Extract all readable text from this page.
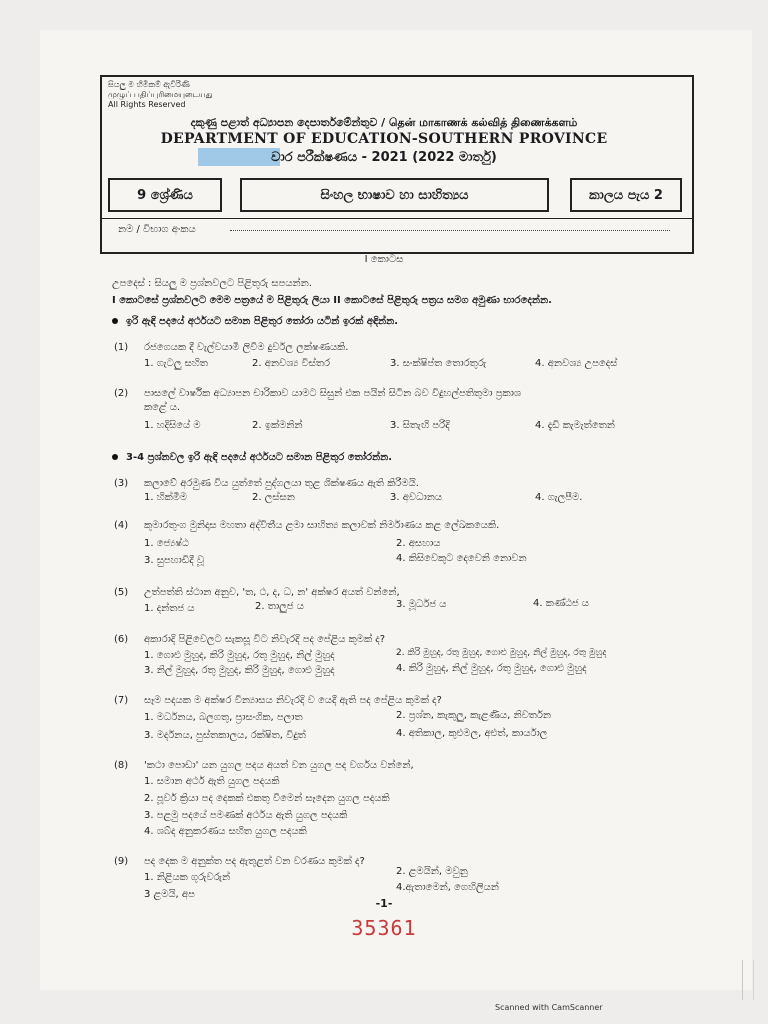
සියලු ම හිමිකම් ඇවිරිණි
முழுப் பதிப்புரிமையுடையது
All Rights Reserved
දකුණු පළාත් අධ්‍යාපන දෙපාර්තමේන්තුව / தென் மாகாணக் கல்வித் திணைக்களம்
DEPARTMENT OF EDUCATION-SOUTHERN PROVINCE
වාර පරීක්ෂණය - 2021 (2022 මාර්තු)
9 ශ්‍රේණිය	සිංහල භාෂාව හා සාහිත්‍යය	කාලය පැය 2
නම / විභාග අංකය
I කොටස
උපදෙස් : සියලු ම ප්‍රශ්නවලට පිළිතුරු සපයන්න.
I කොටසේ ප්‍රශ්නවලට මෙම පත්‍රයේ ම පිළිතුරු ලියා II කොටසේ පිළිතුරු පත්‍රය සමග අමුණා භාරදෙන්න.
ඉරි ඇඳි පදයේ අර්ථයට සමාන පිළිතුර තෝරා යටින් ඉරක් අඳින්න.
(1) රජගෙයක දී වැල්වයාමී ලිවීම දුර්වල ලක්ෂණයකි.
1. ගැටලු සහිත	2. අනවශ්‍ය විස්තර	3. සංක්ෂිප්ත තොරතුරු	4. අනවශ්‍ය උපදෙස්
(2) පාසලේ වාර්ෂික අධ්‍යාපන චාරිකාව යාමට සිසුන් එක පයින් සිටින බව විදුහල්පතිතුමා ප්‍රකාශ
කළේ ය.
1. හදිසියේ ම	2. ඉක්මනින්	3. සිතැඟි පරිදි	4. දැඩි කැමැත්තෙන්
3-4 ප්‍රශ්නවල ඉරි ඇඳි පදයේ අර්ථයට සමාන පිළිතුර තෝරන්න.
(3) කලාවේ අරමුණ විය යුත්තේ පුද්ගලයා තුළ ශික්ෂණය ඇති කිරීමයි.
1. හික්මීම	2. ලස්සන	3. අවධානය	4. ගැලපීම.
(4) කුමාරතුංග මුනිදාස මහතා අද්විතීය ළමා සාහිත්‍ය කලාවක් නිර්මාණය කළ ලේඛකයෙකි.
1. ජ්‍යෙෂ්ඨ	2. අසහාය
3. සුපහාඩිදී වූ	4. කිසිවෙකුට දෙවෙනි නොවන
(5) උත්පත්ති ස්ථාන අනුව, 'ත, ථ, ද, ධ, න' අක්ෂර අයත් වන්නේ,
1. දන්තජ ය	2. තාලුජ ය	3. මූර්ධජ ය	4. කණ්ඨජ ය
(6) අකාරාදි පිළිවෙලට සැකසූ විට නිවැරදි පද පේළිය කුමක් ද?
1. ගොළු මුහුද, කිරි මුහුද, රතු මුහුද, නිල් මුහුද	2. කිරි මුහුද, රතු මුහුද, ගොළු මුහුද, නිල් මුහුද, රතු මුහුද
3. නිල් මුහුද, රතු මුහුද, කිරි මුහුද, ගොළු මුහුද	4. කිරි මුහුද, නිල් මුහුද, රතු මුහුද, ගොළු මුහුද
(7) සෑම පදයක ම අක්ෂර වින්‍යාසය නිවැරදි ව යෙදී ඇති පද පේළිය කුමක් ද?
1. මර්ධනය, බලගතු, ප්‍රාසංගික, පලාත	2. ප්‍රශ්න, කැකුලු, කැළණිය, නිවර්තන
3. මර්දනය, පුස්තකාලය, රක්ෂිත, විදුත්	4. අතිකාල, කුළුමල, අළුත්, කාර්යාල
(8) 'කථා පොඩා' යන යුගල පදය අයත් වන යුගල පද වර්ගය වන්නේ,
1. සමාන අර්ථ ඇති යුගල පදයකි
2. පූර්ව ක්‍රියා පද දෙකක් එකතු වීමෙන් සෑදෙන යුගල පදයකි
3. පළමු පදයේ පමණක් අර්ථය ඇති යුගල පදයකි
4. ශබ්ද අනුකරණය සහිත යුගල පදයකි
(9) පද දෙක ම අනුක්ත පද ඇතුළත් වන වරණය කුමක් ද?
1. නිළියක ගුරුවරුන්
2. ළමයින්, මවුනු
3 ළමයි, අප
4.ඇතාමෙන්, ගෙහිලියන්
-1-
35361
Scanned with CamScanner
